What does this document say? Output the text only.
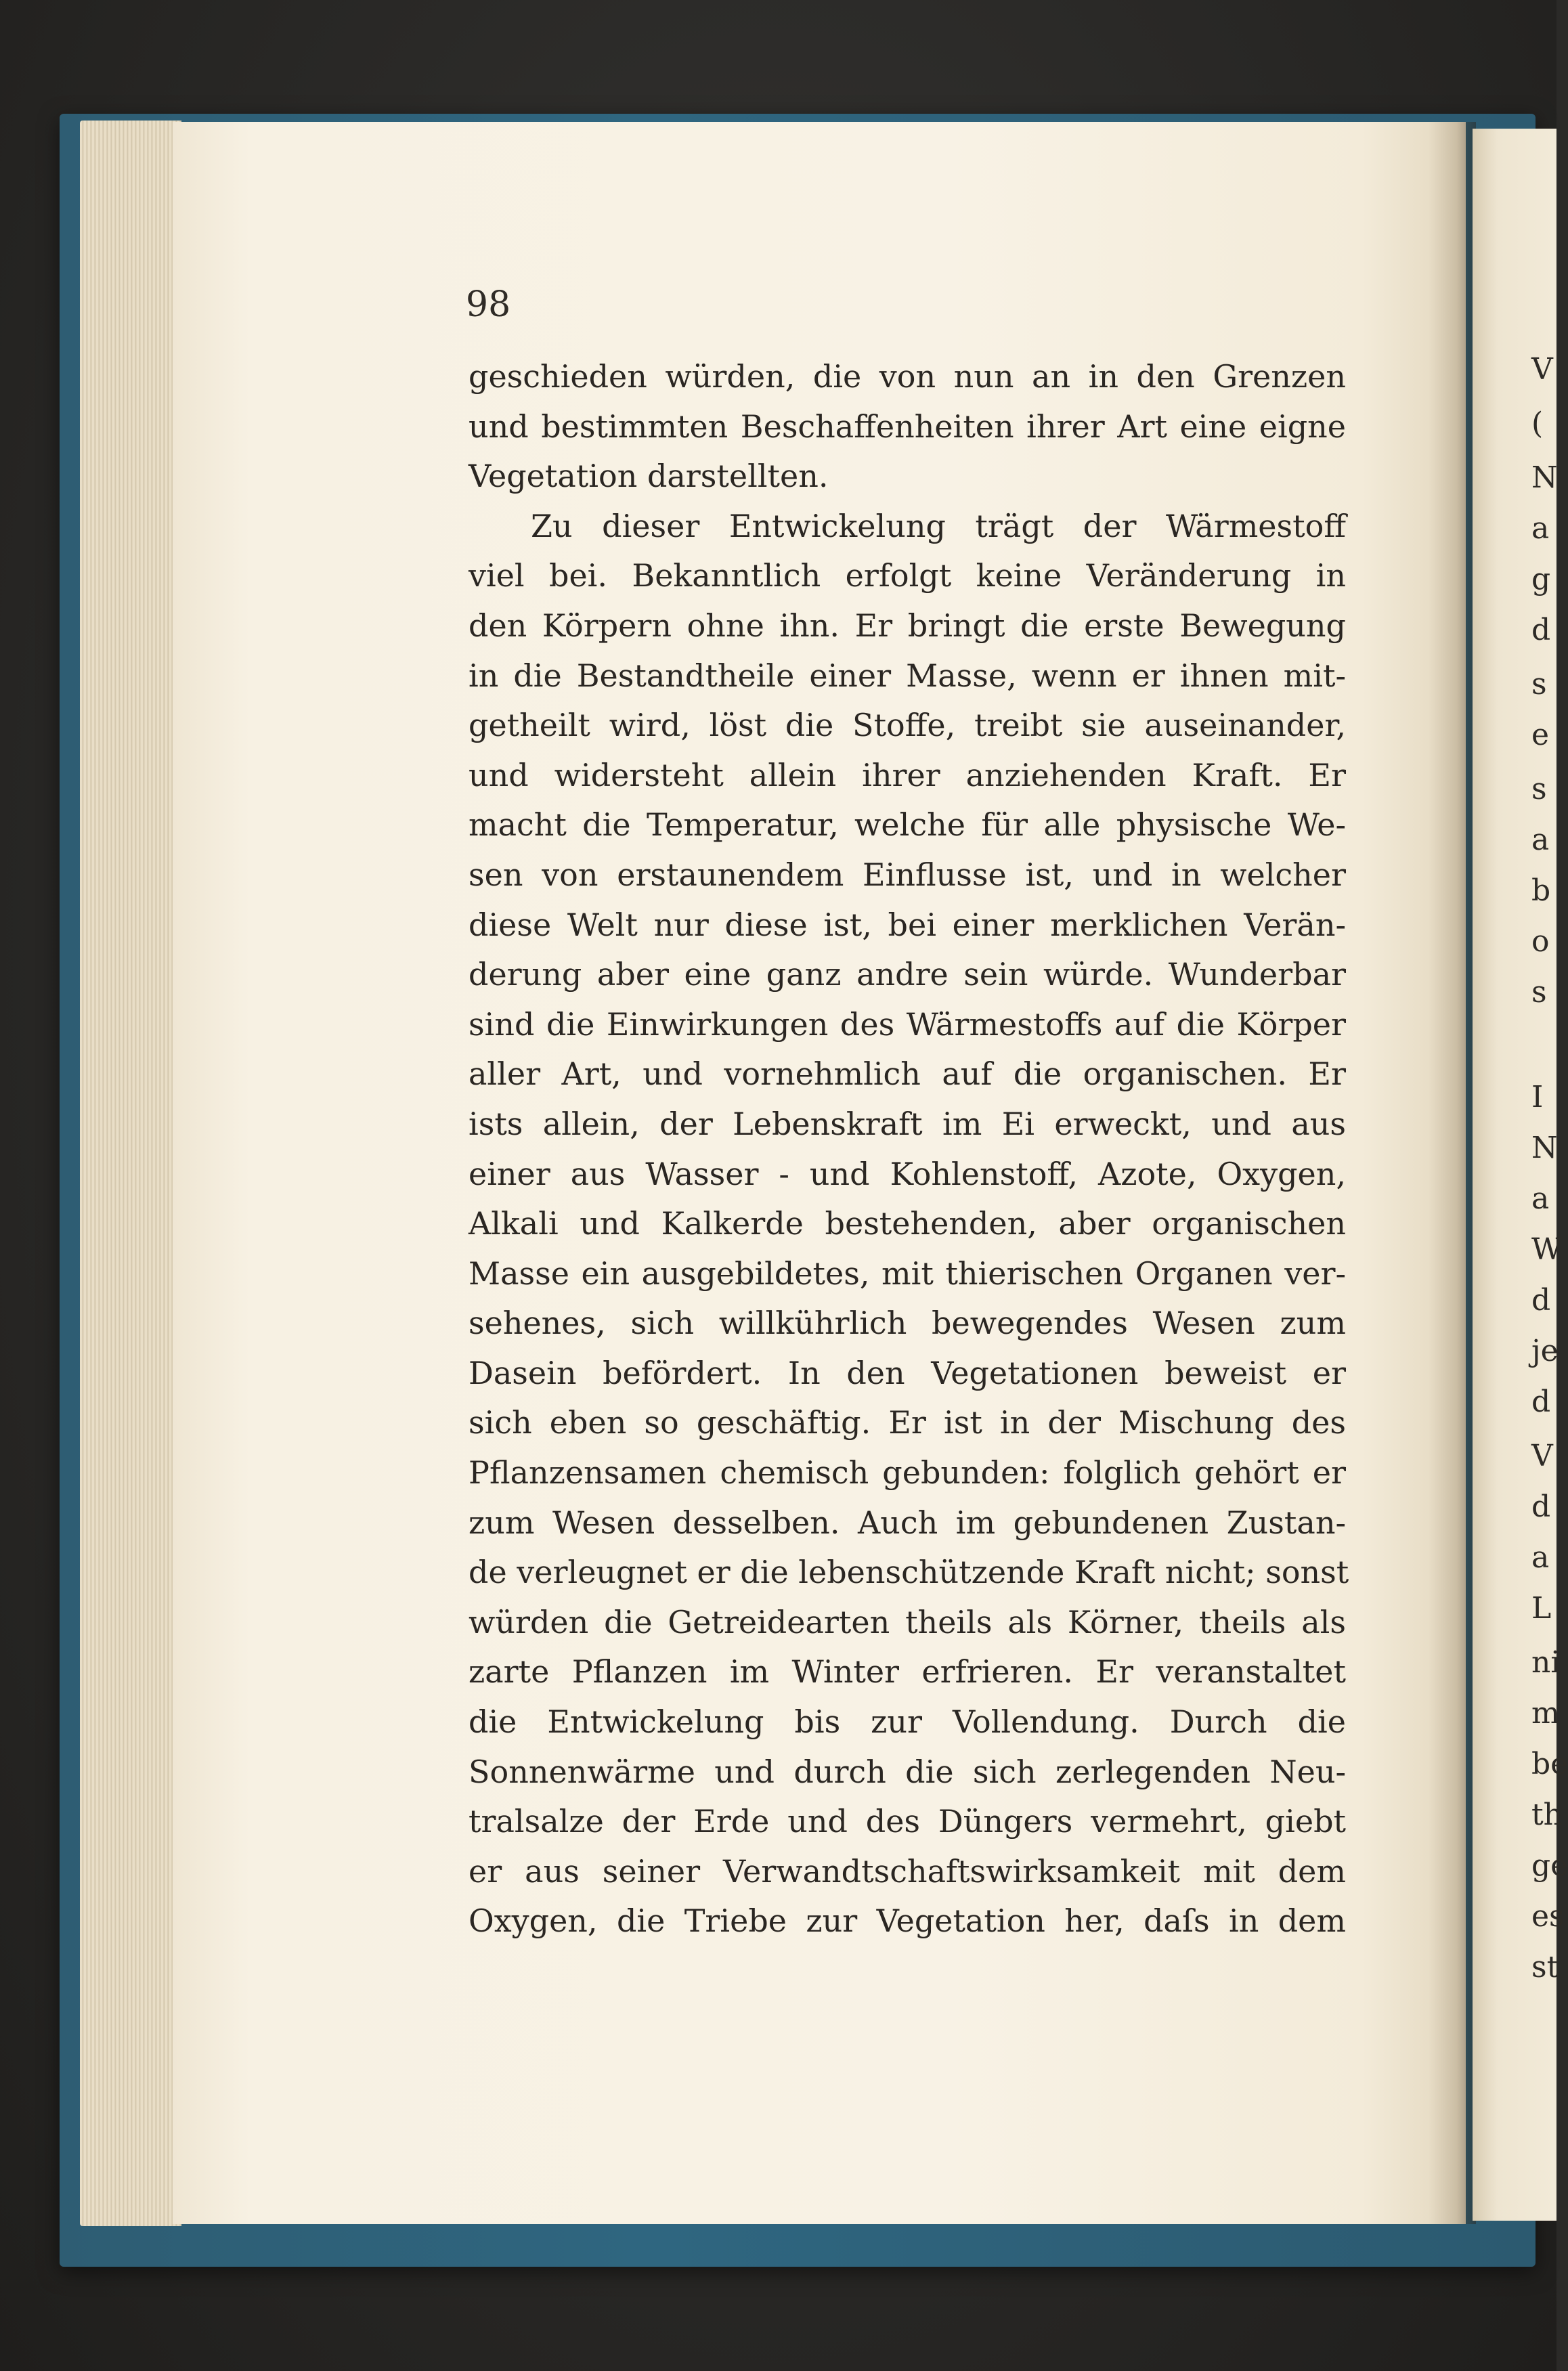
V
(
N
a
g
d
s
e
s
a
b
o
s
I
N
a
W
d
je
d
V
d
a
L
ni
m
be
th
ge
es
st
98
geschieden würden, die von nun an in den Grenzen
und bestimmten Beschaffenheiten ihrer Art eine eigne
Vegetation darstellten.
Zu dieser Entwickelung trägt der Wärmestoff
viel bei. Bekanntlich erfolgt keine Veränderung in
den Körpern ohne ihn. Er bringt die erste Bewegung
in die Bestandtheile einer Masse, wenn er ihnen mit-
getheilt wird, löst die Stoffe, treibt sie auseinander,
und widersteht allein ihrer anziehenden Kraft. Er
macht die Temperatur, welche für alle physische We-
sen von erstaunendem Einflusse ist, und in welcher
diese Welt nur diese ist, bei einer merklichen Verän-
derung aber eine ganz andre sein würde. Wunderbar
sind die Einwirkungen des Wärmestoffs auf die Körper
aller Art, und vornehmlich auf die organischen. Er
ists allein, der Lebenskraft im Ei erweckt, und aus
einer aus Wasser - und Kohlenstoff, Azote, Oxygen,
Alkali und Kalkerde bestehenden, aber organischen
Masse ein ausgebildetes, mit thierischen Organen ver-
sehenes, sich willkührlich bewegendes Wesen zum
Dasein befördert. In den Vegetationen beweist er
sich eben so geschäftig. Er ist in der Mischung des
Pflanzensamen chemisch gebunden: folglich gehört er
zum Wesen desselben. Auch im gebundenen Zustan-
de verleugnet er die lebenschützende Kraft nicht; sonst
würden die Getreidearten theils als Körner, theils als
zarte Pflanzen im Winter erfrieren. Er veranstaltet
die Entwickelung bis zur Vollendung. Durch die
Sonnenwärme und durch die sich zerlegenden Neu-
tralsalze der Erde und des Düngers vermehrt, giebt
er aus seiner Verwandtschaftswirksamkeit mit dem
Oxygen, die Triebe zur Vegetation her, daſs in dem
